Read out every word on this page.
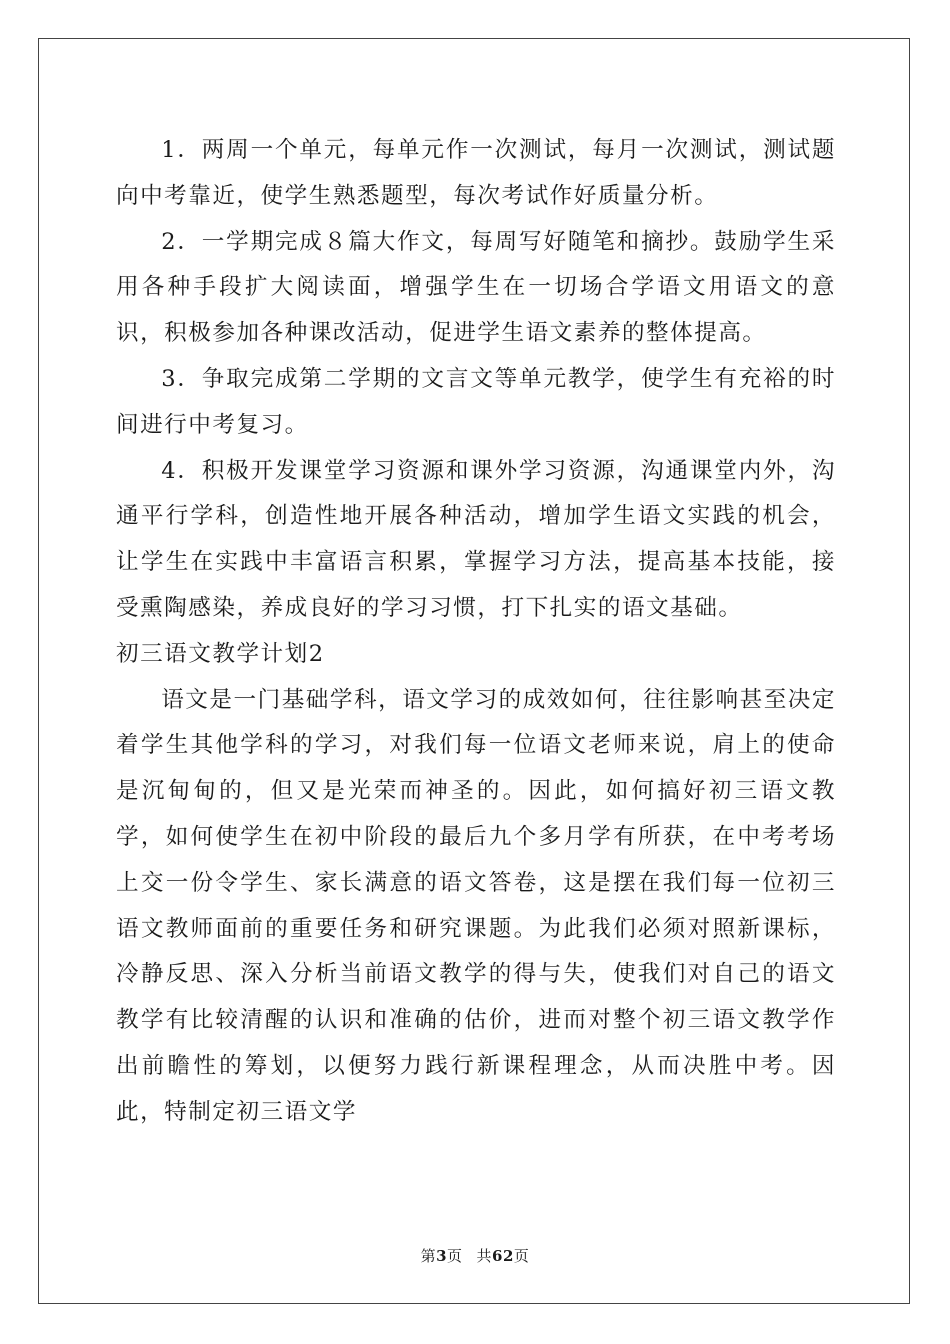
1．两周一个单元，每单元作一次测试，每月一次测试，测试题向中考靠近，使学生熟悉题型，每次考试作好质量分析。

2．一学期完成８篇大作文，每周写好随笔和摘抄。鼓励学生采用各种手段扩大阅读面，增强学生在一切场合学语文用语文的意识，积极参加各种课改活动，促进学生语文素养的整体提高。

3．争取完成第二学期的文言文等单元教学，使学生有充裕的时间进行中考复习。

4．积极开发课堂学习资源和课外学习资源，沟通课堂内外，沟通平行学科，创造性地开展各种活动，增加学生语文实践的机会，让学生在实践中丰富语言积累，掌握学习方法，提高基本技能，接受熏陶感染，养成良好的学习习惯，打下扎实的语文基础。

初三语文教学计划2

语文是一门基础学科，语文学习的成效如何，往往影响甚至决定着学生其他学科的学习，对我们每一位语文老师来说，肩上的使命是沉甸甸的，但又是光荣而神圣的。因此，如何搞好初三语文教学，如何使学生在初中阶段的最后九个多月学有所获，在中考考场上交一份令学生、家长满意的语文答卷，这是摆在我们每一位初三语文教师面前的重要任务和研究课题。为此我们必须对照新课标，冷静反思、深入分析当前语文教学的得与失，使我们对自己的语文教学有比较清醒的认识和准确的估价，进而对整个初三语文教学作出前瞻性的筹划，以便努力践行新课程理念，从而决胜中考。因此，特制定初三语文学

第3页 共62页
